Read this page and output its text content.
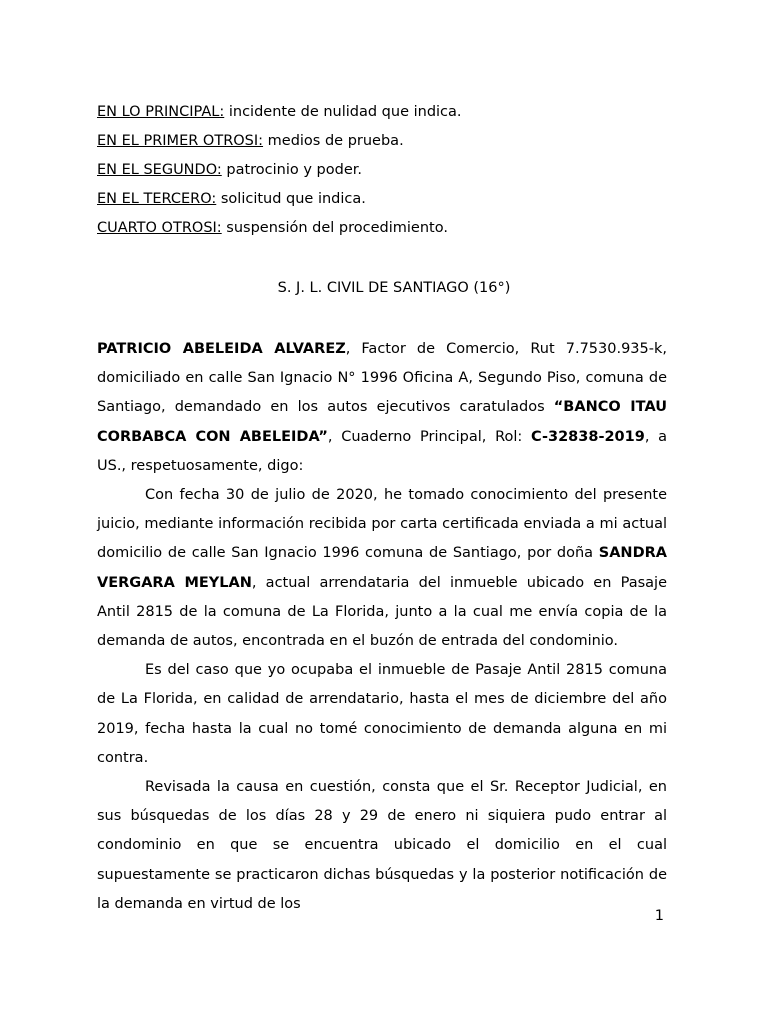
EN LO PRINCIPAL: incidente de nulidad que indica.
EN EL PRIMER OTROSI: medios de prueba.
EN EL SEGUNDO: patrocinio y poder.
EN EL TERCERO: solicitud que indica.
CUARTO OTROSI: suspensión del procedimiento.
S. J. L. CIVIL DE SANTIAGO (16°)

PATRICIO ABELEIDA ALVAREZ, Factor de Comercio, Rut 7.7530.935-k, domiciliado en calle San Ignacio N° 1996 Oficina A, Segundo Piso, comuna de Santiago, demandado en los autos ejecutivos caratulados “BANCO ITAU CORBABCA CON ABELEIDA”, Cuaderno Principal, Rol: C-32838-2019, a US., respetuosamente, digo:

Con fecha 30 de julio de 2020, he tomado conocimiento del presente juicio, mediante información recibida por carta certificada enviada a mi actual domicilio de calle San Ignacio 1996 comuna de Santiago, por doña SANDRA VERGARA MEYLAN, actual arrendataria del inmueble ubicado en Pasaje Antil 2815 de la comuna de La Florida, junto a la cual me envía copia de la demanda de autos, encontrada en el buzón de entrada del condominio.

Es del caso que yo ocupaba el inmueble de Pasaje Antil 2815 comuna de La Florida, en calidad de arrendatario, hasta el mes de diciembre del año 2019, fecha hasta la cual no tomé conocimiento de demanda alguna en mi contra.

Revisada la causa en cuestión, consta que el Sr. Receptor Judicial, en sus búsquedas de los días 28 y 29 de enero ni siquiera pudo entrar al condominio en que se encuentra ubicado el domicilio en el cual supuestamente se practicaron dichas búsquedas y la posterior notificación de la demanda en virtud de los

1
